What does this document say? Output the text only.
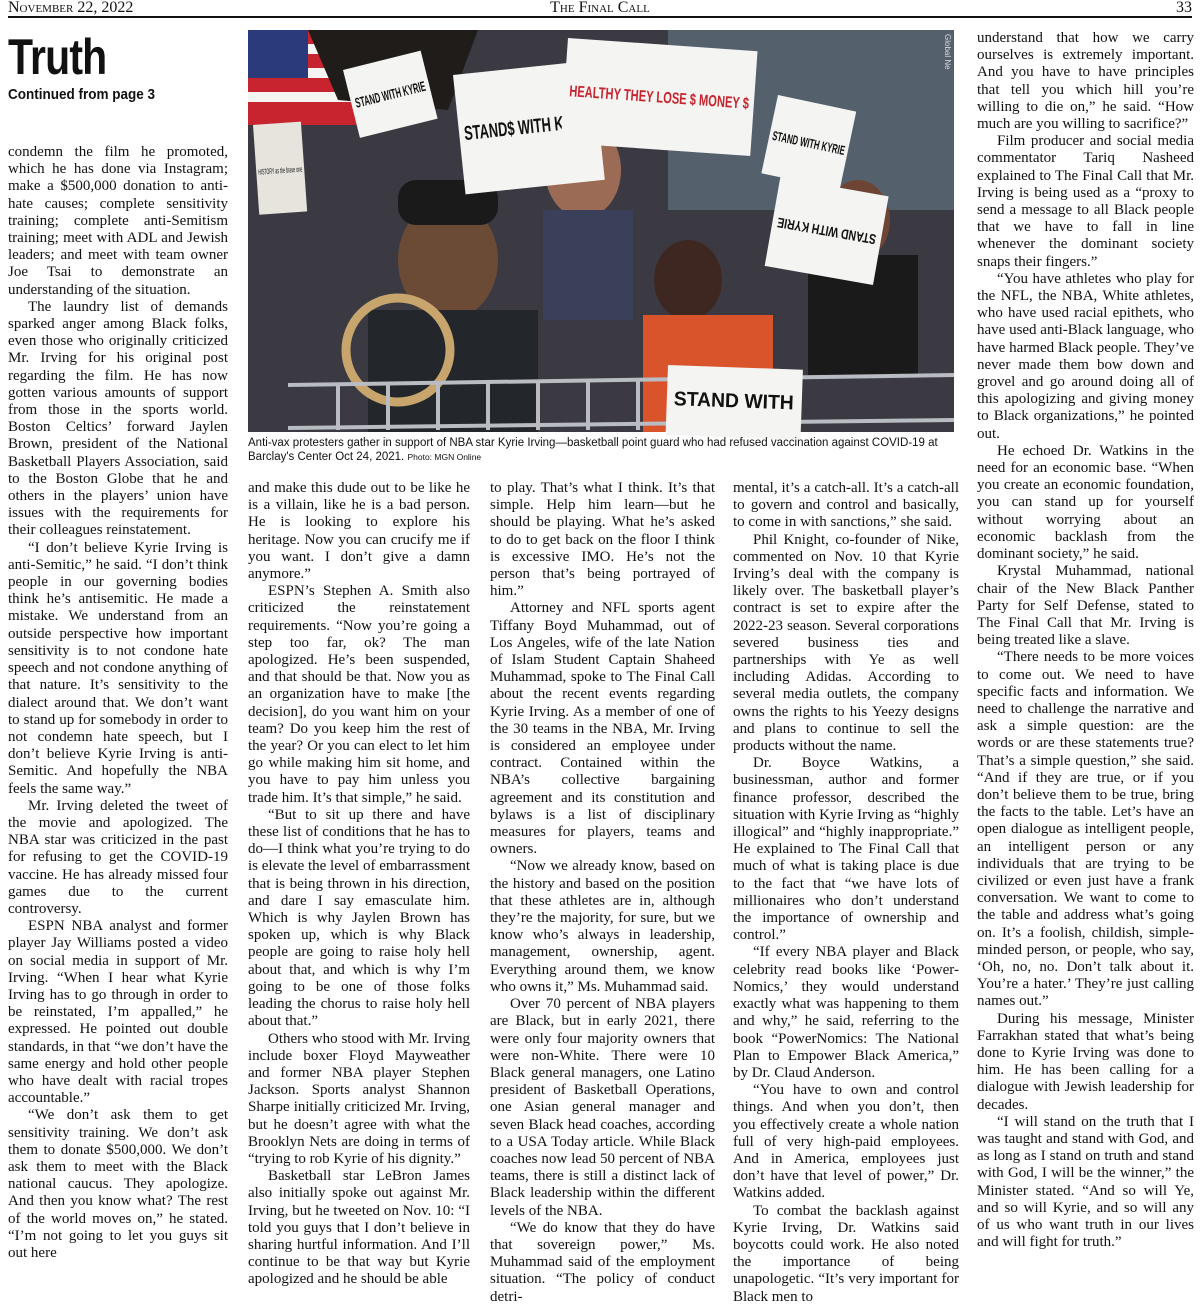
November 22, 2022	The Final Call	33
Truth
Continued from page 3	STAND WITH KYRIE	HEALTHY THEY LOSE $ MONEY $
STAND WITH KYRIE
STAND WITH KYRIE
STAND WITH
Global Ne
Anti-vax protesters gather in support of NBA star Kyrie Irving—basketball point guard who had refused vaccination against COVID-19 at Barclay's Center Oct 24, 2021. Photo: MGN Online

condemn the film he promoted, which he has done via Instagram; make a $500,000 donation to anti-hate causes; complete sensitivity training; complete anti-Semitism training; meet with ADL and Jewish leaders; and meet with team owner Joe Tsai to demonstrate an understanding of the situation.

The laundry list of demands sparked anger among Black folks, even those who originally criticized Mr. Irving for his original post regarding the film. He has now gotten various amounts of support from those in the sports world. Boston Celtics’ forward Jaylen Brown, president of the National Basketball Players Association, said to the Boston Globe that he and others in the players’ union have issues with the requirements for their colleagues reinstatement.

“I don’t believe Kyrie Irving is anti-Semitic,” he said. “I don’t think people in our governing bodies think he’s antisemitic. He made a mistake. We understand from an outside perspective how important sensitivity is to not condone hate speech and not condone anything of that nature. It’s sensitivity to the dialect around that. We don’t want to stand up for somebody in order to not condemn hate speech, but I don’t believe Kyrie Irving is anti-Semitic. And hopefully the NBA feels the same way.”

Mr. Irving deleted the tweet of the movie and apologized. The NBA star was criticized in the past for refusing to get the COVID-19 vaccine. He has already missed four games due to the current controversy.

ESPN NBA analyst and former player Jay Williams posted a video on social media in support of Mr. Irving. “When I hear what Kyrie Irving has to go through in order to be reinstated, I’m appalled,” he expressed. He pointed out double standards, in that “we don’t have the same energy and hold other people who have dealt with racial tropes accountable.”

“We don’t ask them to get sensitivity training. We don’t ask them to donate $500,000. We don’t ask them to meet with the Black national caucus. They apologize. And then you know what? The rest of the world moves on,” he stated. “I’m not going to let you guys sit out here

and make this dude out to be like he is a villain, like he is a bad person. He is looking to explore his heritage. Now you can crucify me if you want. I don’t give a damn anymore.”

ESPN’s Stephen A. Smith also criticized the reinstatement requirements. “Now you’re going a step too far, ok? The man apologized. He’s been suspended, and that should be that. Now you as an organization have to make [the decision], do you want him on your team? Do you keep him the rest of the year? Or you can elect to let him go while making him sit home, and you have to pay him unless you trade him. It’s that simple,” he said.

“But to sit up there and have these list of conditions that he has to do—I think what you’re trying to do is elevate the level of embarrassment that is being thrown in his direction, and dare I say emasculate him. Which is why Jaylen Brown has spoken up, which is why Black people are going to raise holy hell about that, and which is why I’m going to be one of those folks leading the chorus to raise holy hell about that.”

Others who stood with Mr. Irving include boxer Floyd Mayweather and former NBA player Stephen Jackson. Sports analyst Shannon Sharpe initially criticized Mr. Irving, but he doesn’t agree with what the Brooklyn Nets are doing in terms of “trying to rob Kyrie of his dignity.”

Basketball star LeBron James also initially spoke out against Mr. Irving, but he tweeted on Nov. 10: “I told you guys that I don’t believe in sharing hurtful information. And I’ll continue to be that way but Kyrie apologized and he should be able

to play. That’s what I think. It’s that simple. Help him learn—but he should be playing. What he’s asked to do to get back on the floor I think is excessive IMO. He’s not the person that’s being portrayed of him.”

Attorney and NFL sports agent Tiffany Boyd Muhammad, out of Los Angeles, wife of the late Nation of Islam Student Captain Shaheed Muhammad, spoke to The Final Call about the recent events regarding Kyrie Irving. As a member of one of the 30 teams in the NBA, Mr. Irving is considered an employee under contract. Contained within the NBA’s collective bargaining agreement and its constitution and bylaws is a list of disciplinary measures for players, teams and owners.

“Now we already know, based on the history and based on the position that these athletes are in, although they’re the majority, for sure, but we know who’s always in leadership, management, ownership, agent. Everything around them, we know who owns it,” Ms. Muhammad said.

Over 70 percent of NBA players are Black, but in early 2021, there were only four majority owners that were non-White. There were 10 Black general managers, one Latino president of Basketball Operations, one Asian general manager and seven Black head coaches, according to a USA Today article. While Black coaches now lead 50 percent of NBA teams, there is still a distinct lack of Black leadership within the different levels of the NBA.

“We do know that they do have that sovereign power,” Ms. Muhammad said of the employment situation. “The policy of conduct detri-

mental, it’s a catch-all. It’s a catch-all to govern and control and basically, to come in with sanctions,” she said.

Phil Knight, co-founder of Nike, commented on Nov. 10 that Kyrie Irving’s deal with the company is likely over. The basketball player’s contract is set to expire after the 2022-23 season. Several corporations severed business ties and partnerships with Ye as well including Adidas. According to several media outlets, the company owns the rights to his Yeezy designs and plans to continue to sell the products without the name.

Dr. Boyce Watkins, a businessman, author and former finance professor, described the situation with Kyrie Irving as “highly illogical” and “highly inappropriate.” He explained to The Final Call that much of what is taking place is due to the fact that “we have lots of millionaires who don’t understand the importance of ownership and control.”

“If every NBA player and Black celebrity read books like ‘Power-Nomics,’ they would understand exactly what was happening to them and why,” he said, referring to the book “PowerNomics: The National Plan to Empower Black America,” by Dr. Claud Anderson.

“You have to own and control things. And when you don’t, then you effectively create a whole nation full of very high-paid employees. And in America, employees just don’t have that level of power,” Dr. Watkins added.

To combat the backlash against Kyrie Irving, Dr. Watkins said boycotts could work. He also noted the importance of being unapologetic. “It’s very important for Black men to

understand that how we carry ourselves is extremely important. And you have to have principles that tell you which hill you’re willing to die on,” he said. “How much are you willing to sacrifice?”

Film producer and social media commentator Tariq Nasheed explained to The Final Call that Mr. Irving is being used as a “proxy to send a message to all Black people that we have to fall in line whenever the dominant society snaps their fingers.”

“You have athletes who play for the NFL, the NBA, White athletes, who have used racial epithets, who have used anti-Black language, who have harmed Black people. They’ve never made them bow down and grovel and go around doing all of this apologizing and giving money to Black organizations,” he pointed out.

He echoed Dr. Watkins in the need for an economic base. “When you create an economic foundation, you can stand up for yourself without worrying about an economic backlash from the dominant society,” he said.

Krystal Muhammad, national chair of the New Black Panther Party for Self Defense, stated to The Final Call that Mr. Irving is being treated like a slave.

“There needs to be more voices to come out. We need to have specific facts and information. We need to challenge the narrative and ask a simple question: are the words or are these statements true? That’s a simple question,” she said. “And if they are true, or if you don’t believe them to be true, bring the facts to the table. Let’s have an open dialogue as intelligent people, an intelligent person or any individuals that are trying to be civilized or even just have a frank conversation. We want to come to the table and address what’s going on. It’s a foolish, childish, simple-minded person, or people, who say, ‘Oh, no, no. Don’t talk about it. You’re a hater.’ They’re just calling names out.”

During his message, Minister Farrakhan stated that what’s being done to Kyrie Irving was done to him. He has been calling for a dialogue with Jewish leadership for decades.

“I will stand on the truth that I was taught and stand with God, and as long as I stand on truth and stand with God, I will be the winner,” the Minister stated. “And so will Ye, and so will Kyrie, and so will any of us who want truth in our lives and will fight for truth.”
